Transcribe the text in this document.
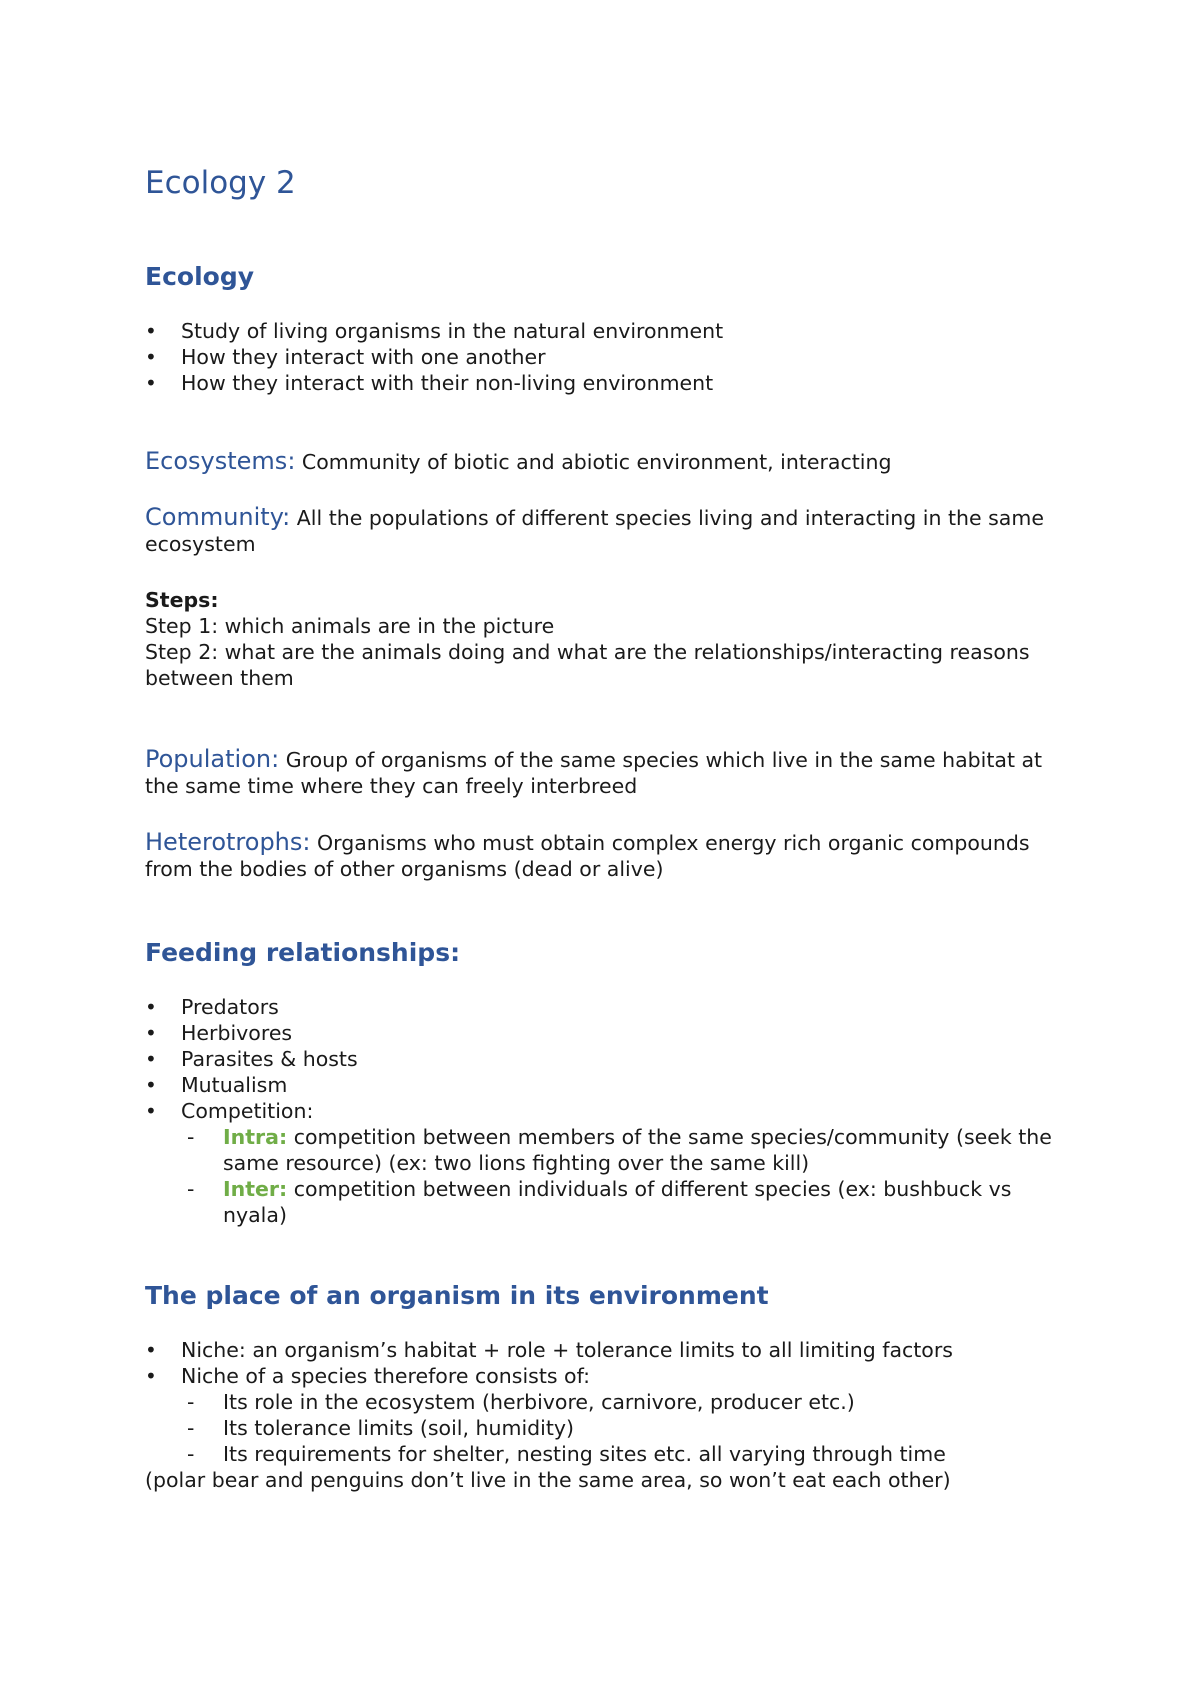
Ecology 2
Ecology
• Study of living organisms in the natural environment
• How they interact with one another
• How they interact with their non-living environment
Ecosystems: Community of biotic and abiotic environment, interacting
Community: All the populations of different species living and interacting in the same ecosystem
Steps:
Step 1: which animals are in the picture
Step 2: what are the animals doing and what are the relationships/interacting reasons between them
Population: Group of organisms of the same species which live in the same habitat at the same time where they can freely interbreed
Heterotrophs: Organisms who must obtain complex energy rich organic compounds from the bodies of other organisms (dead or alive)
Feeding relationships:
• Predators
• Herbivores
• Parasites & hosts
• Mutualism
• Competition:
- Intra: competition between members of the same species/community (seek the same resource) (ex: two lions fighting over the same kill)
- Inter: competition between individuals of different species (ex: bushbuck vs nyala)
The place of an organism in its environment
• Niche: an organism’s habitat + role + tolerance limits to all limiting factors
• Niche of a species therefore consists of:
- Its role in the ecosystem (herbivore, carnivore, producer etc.)
- Its tolerance limits (soil, humidity)
- Its requirements for shelter, nesting sites etc. all varying through time
(polar bear and penguins don’t live in the same area, so won’t eat each other)
